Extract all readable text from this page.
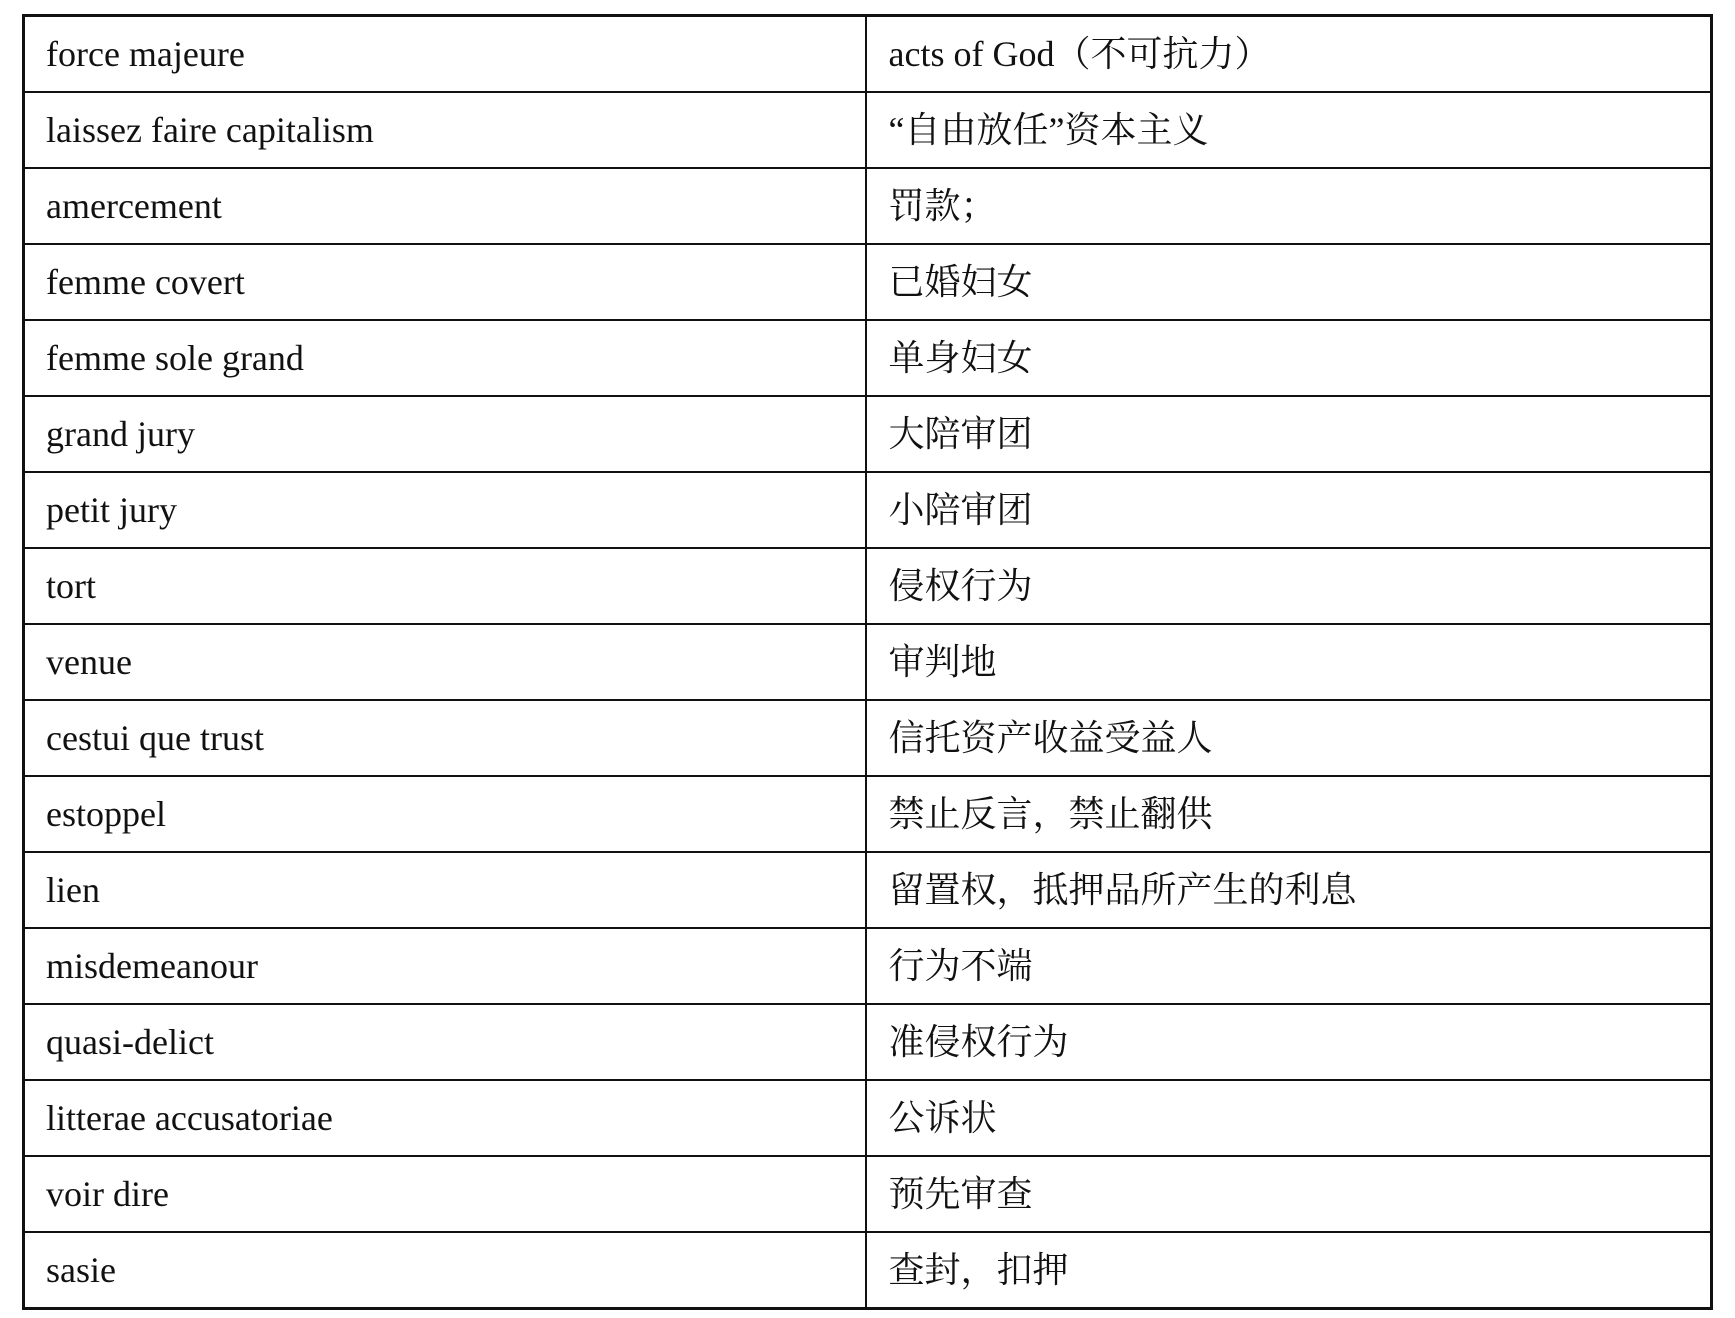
force majeure	acts of God（不可抗力）
laissez faire capitalism	“自由放任”资本主义
amercement	罚款；
femme covert	已婚妇女
femme sole grand	单身妇女
grand jury	大陪审团
petit jury	小陪审团
tort	侵权行为
venue	审判地
cestui que trust	信托资产收益受益人
estoppel	禁止反言，禁止翻供
lien	留置权，抵押品所产生的利息
misdemeanour	行为不端
quasi-delict	准侵权行为
litterae accusatoriae	公诉状
voir dire	预先审查
sasie	查封，扣押
